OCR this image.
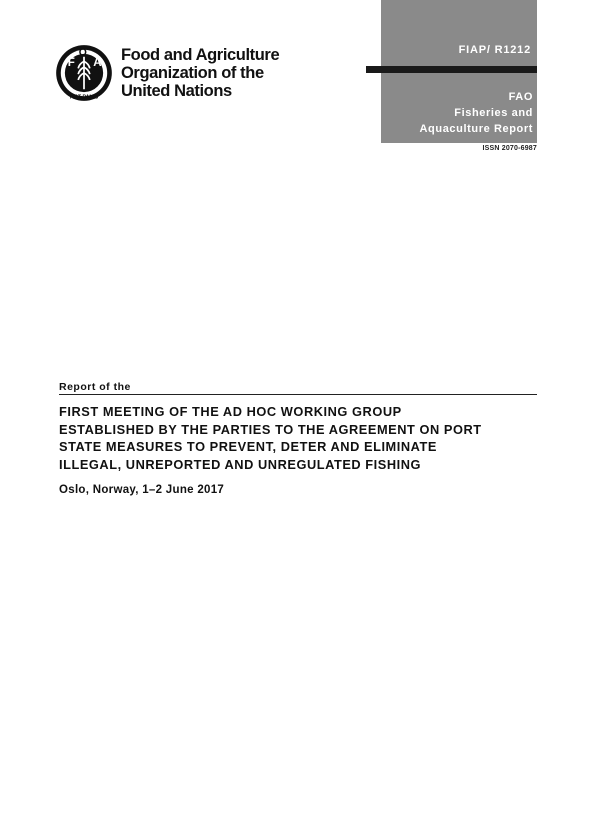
F A
O
FIAT PANIS
Food and Agriculture
Organization of the
United Nations
FIAP/ R1212
FAO
Fisheries and
Aquaculture Report
ISSN 2070-6987
Report of the
FIRST MEETING OF THE AD HOC WORKING GROUP
ESTABLISHED BY THE PARTIES TO THE AGREEMENT ON PORT
STATE MEASURES TO PREVENT, DETER AND ELIMINATE
ILLEGAL, UNREPORTED AND UNREGULATED FISHING
Oslo, Norway, 1–2 June 2017
